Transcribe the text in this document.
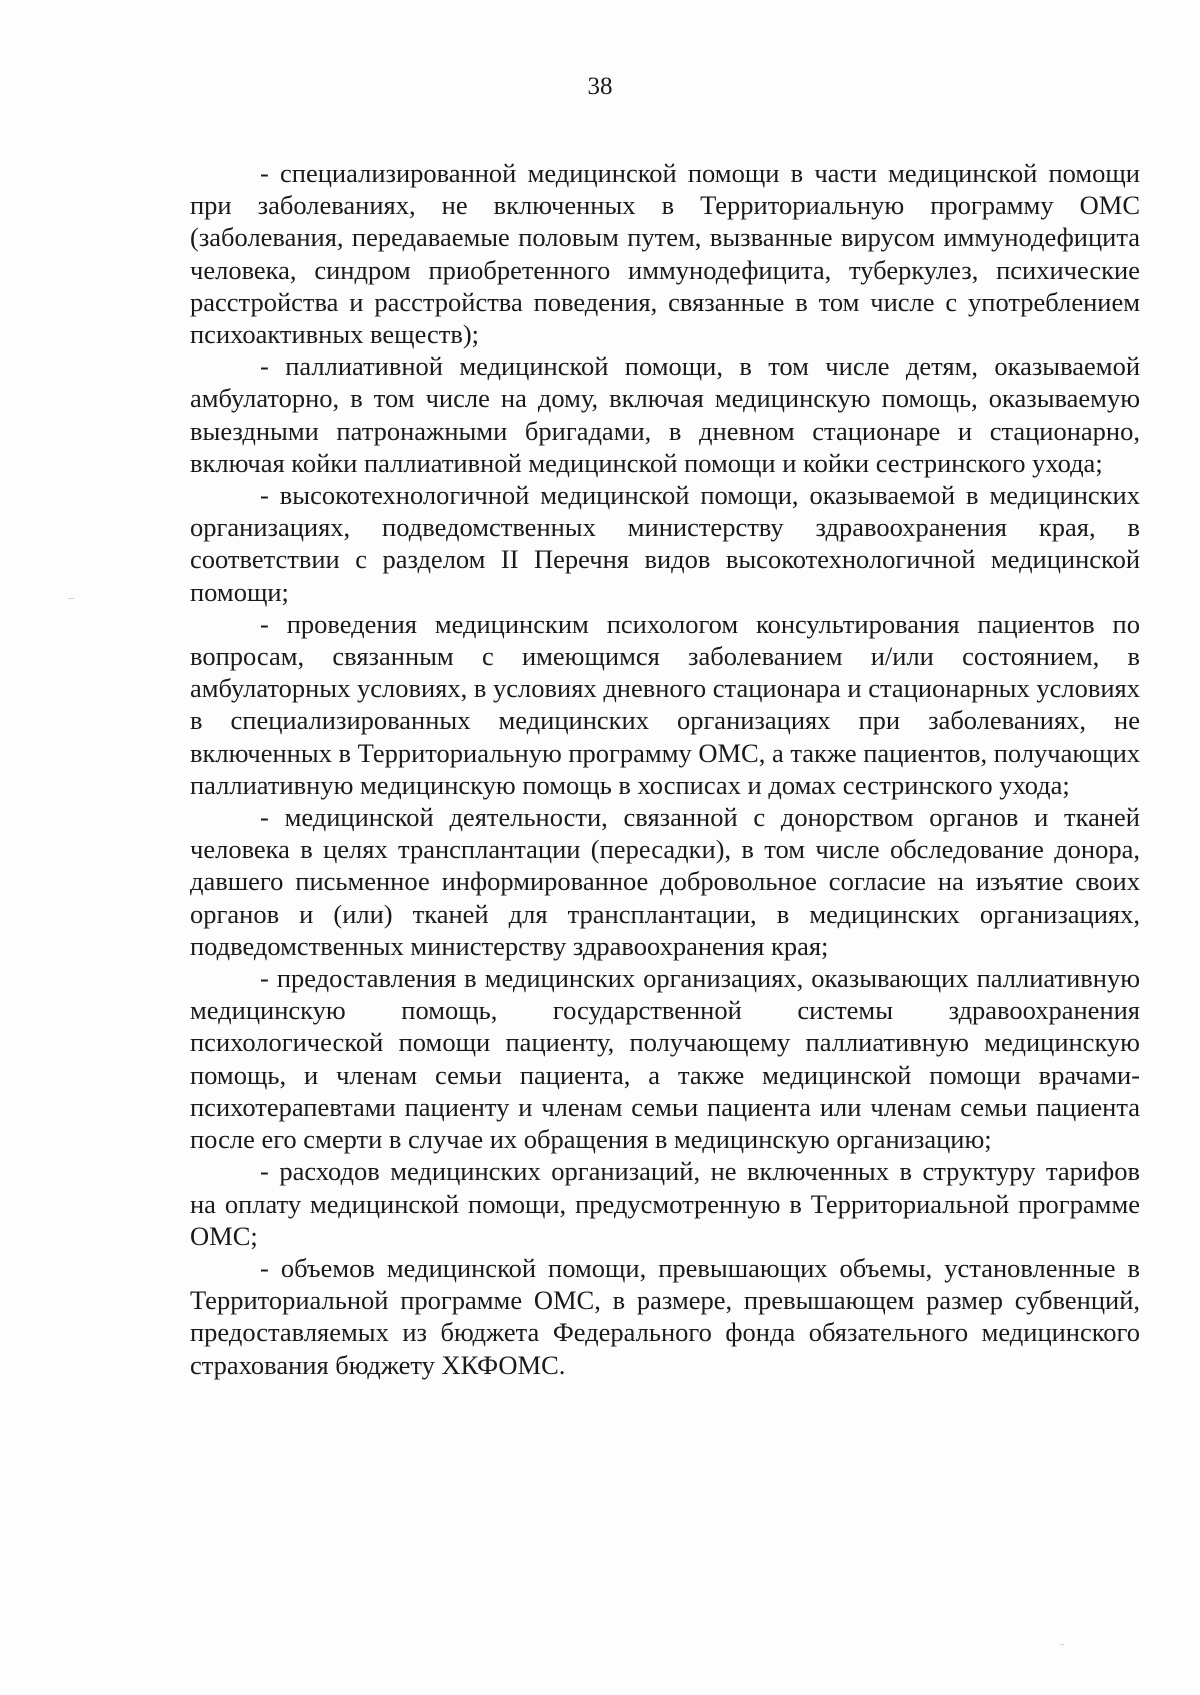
38

- специализированной медицинской помощи в части медицинской помощи при заболеваниях, не включенных в Территориальную программу ОМС (заболевания, передаваемые половым путем, вызванные вирусом иммунодефицита человека, синдром приобретенного иммунодефицита, туберкулез, психические расстройства и расстройства поведения, связанные в том числе с употреблением психоактивных веществ);

- паллиативной медицинской помощи, в том числе детям, оказываемой амбулаторно, в том числе на дому, включая медицинскую помощь, оказываемую выездными патронажными бригадами, в дневном стационаре и стационарно, включая койки паллиативной медицинской помощи и койки сестринского ухода;

- высокотехнологичной медицинской помощи, оказываемой в медицинских организациях, подведомственных министерству здравоохранения края, в соответствии с разделом II Перечня видов высокотехнологичной медицинской помощи;

- проведения медицинским психологом консультирования пациентов по вопросам, связанным с имеющимся заболеванием и/или состоянием, в амбулаторных условиях, в условиях дневного стационара и стационарных условиях в специализированных медицинских организациях при заболеваниях, не включенных в Территориальную программу ОМС, а также пациентов, получающих паллиативную медицинскую помощь в хосписах и домах сестринского ухода;

- медицинской деятельности, связанной с донорством органов и тканей человека в целях трансплантации (пересадки), в том числе обследование донора, давшего письменное информированное добровольное согласие на изъятие своих органов и (или) тканей для трансплантации, в медицинских организациях, подведомственных министерству здравоохранения края;

- предоставления в медицинских организациях, оказывающих паллиативную медицинскую помощь, государственной системы здравоохранения психологической помощи пациенту, получающему паллиативную медицинскую помощь, и членам семьи пациента, а также медицинской помощи врачами-психотерапевтами пациенту и членам семьи пациента или членам семьи пациента после его смерти в случае их обращения в медицинскую организацию;

- расходов медицинских организаций, не включенных в структуру тарифов на оплату медицинской помощи, предусмотренную в Территориальной программе ОМС;

- объемов медицинской помощи, превышающих объемы, установленные в Территориальной программе ОМС, в размере, превышающем размер субвенций, предоставляемых из бюджета Федерального фонда обязательного медицинского страхования бюджету ХКФОМС.
